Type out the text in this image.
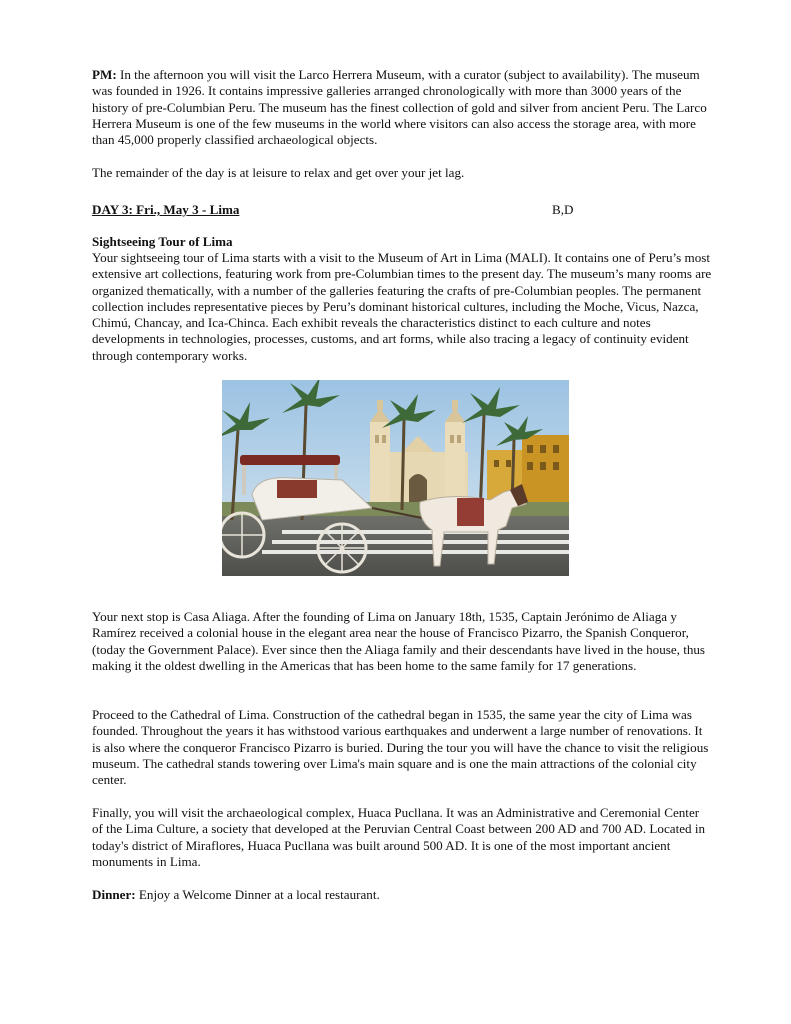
PM: In the afternoon you will visit the Larco Herrera Museum, with a curator (subject to availability). The museum was founded in 1926. It contains impressive galleries arranged chronologically with more than 3000 years of the history of pre-Columbian Peru. The museum has the finest collection of gold and silver from ancient Peru. The Larco Herrera Museum is one of the few museums in the world where visitors can also access the storage area, with more than 45,000 properly classified archaeological objects.

The remainder of the day is at leisure to relax and get over your jet lag.

DAY 3: Fri., May 3 - Lima	B,D

Sightseeing Tour of Lima

Your sightseeing tour of Lima starts with a visit to the Museum of Art in Lima (MALI). It contains one of Peru’s most extensive art collections, featuring work from pre-Columbian times to the present day. The museum’s many rooms are organized thematically, with a number of the galleries featuring the crafts of pre-Columbian peoples. The permanent collection includes representative pieces by Peru’s dominant historical cultures, including the Moche, Vicus, Nazca, Chimú, Chancay, and Ica-Chinca. Each exhibit reveals the characteristics distinct to each culture and notes developments in technologies, processes, customs, and art forms, while also tracing a legacy of continuity evident through contemporary works.

Your next stop is Casa Aliaga. After the founding of Lima on January 18th, 1535, Captain Jerónimo de Aliaga y Ramírez received a colonial house in the elegant area near the house of Francisco Pizarro, the Spanish Conqueror, (today the Government Palace). Ever since then the Aliaga family and their descendants have lived in the house, thus making it the oldest dwelling in the Americas that has been home to the same family for 17 generations.

Proceed to the Cathedral of Lima. Construction of the cathedral began in 1535, the same year the city of Lima was founded. Throughout the years it has withstood various earthquakes and underwent a large number of renovations. It is also where the conqueror Francisco Pizarro is buried. During the tour you will have the chance to visit the religious museum. The cathedral stands towering over Lima's main square and is one the main attractions of the colonial city center.

Finally, you will visit the archaeological complex, Huaca Pucllana. It was an Administrative and Ceremonial Center of the Lima Culture, a society that developed at the Peruvian Central Coast between 200 AD and 700 AD. Located in today's district of Miraflores, Huaca Pucllana was built around 500 AD. It is one of the most important ancient monuments in Lima.

Dinner: Enjoy a Welcome Dinner at a local restaurant.
